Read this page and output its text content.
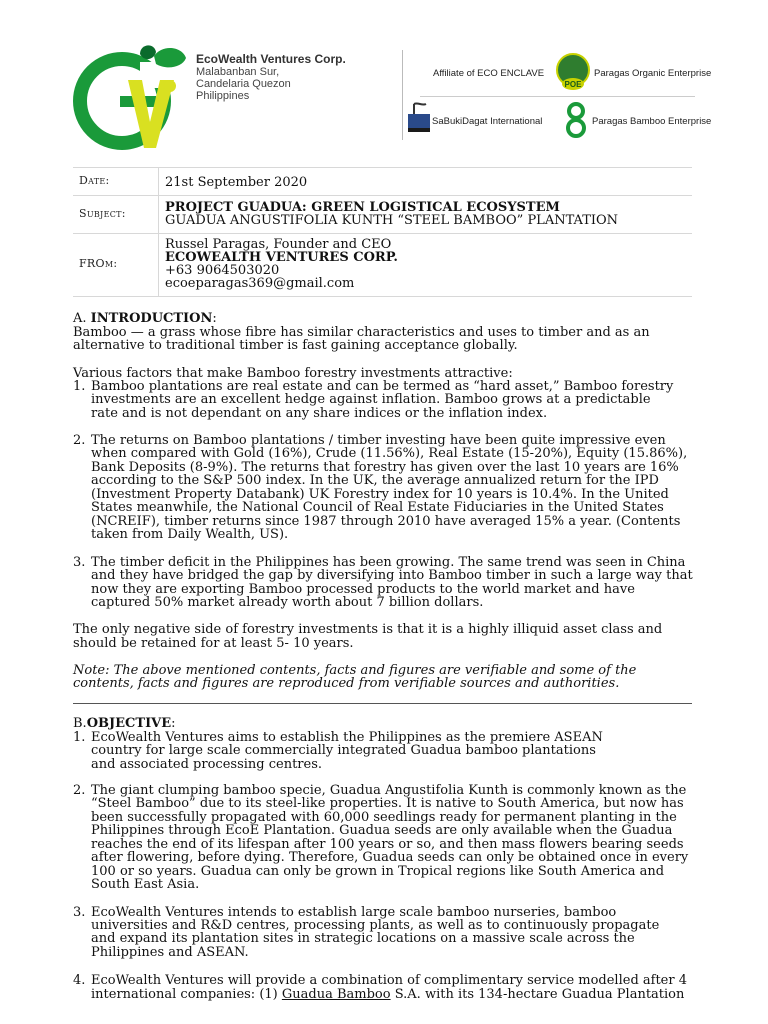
EcoWealth Ventures Corp.
Malabanban Sur,
Candelaria Quezon
Philippines
Affiliate of ECO ENCLAVE
POE
Paragas Organic Enterprise
SaBukiDagat International	Paragas Bamboo Enterprise
Date:	21st September 2020
Subject:	PROJECT GUADUA: GREEN LOGISTICAL ECOSYSTEM
GUADUA ANGUSTIFOLIA KUNTH “STEEL BAMBOO” PLANTATION
FROm:
Russel Paragas, Founder and CEO
ECOWEALTH VENTURES CORP.
+63 9064503020
ecoeparagas369@gmail.com
A. INTRODUCTION:
Bamboo — a grass whose fibre has similar characteristics and uses to timber and as an
alternative to traditional timber is fast gaining acceptance globally.
Various factors that make Bamboo forestry investments attractive:
1. Bamboo plantations are real estate and can be termed as “hard asset,” Bamboo forestry
investments are an excellent hedge against inflation. Bamboo grows at a predictable
rate and is not dependant on any share indices or the inflation index.
2. The returns on Bamboo plantations / timber investing have been quite impressive even
when compared with Gold (16%), Crude (11.56%), Real Estate (15-20%), Equity (15.86%),
Bank Deposits (8-9%). The returns that forestry has given over the last 10 years are 16%
according to the S&P 500 index. In the UK, the average annualized return for the IPD
(Investment Property Databank) UK Forestry index for 10 years is 10.4%. In the United
States meanwhile, the National Council of Real Estate Fiduciaries in the United States
(NCREIF), timber returns since 1987 through 2010 have averaged 15% a year. (Contents
taken from Daily Wealth, US).
3. The timber deficit in the Philippines has been growing. The same trend was seen in China
and they have bridged the gap by diversifying into Bamboo timber in such a large way that
now they are exporting Bamboo processed products to the world market and have
captured 50% market already worth about 7 billion dollars.
The only negative side of forestry investments is that it is a highly illiquid asset class and
should be retained for at least 5- 10 years.
Note: The above mentioned contents, facts and figures are verifiable and some of the
contents, facts and figures are reproduced from verifiable sources and authorities.
B.OBJECTIVE:
1. EcoWealth Ventures aims to establish the Philippines as the premiere ASEAN
country for large scale commercially integrated Guadua bamboo plantations
and associated processing centres.
2. The giant clumping bamboo specie, Guadua Angustifolia Kunth is commonly known as the
“Steel Bamboo” due to its steel-like properties. It is native to South America, but now has
been successfully propagated with 60,000 seedlings ready for permanent planting in the
Philippines through EcoE Plantation. Guadua seeds are only available when the Guadua
reaches the end of its lifespan after 100 years or so, and then mass flowers bearing seeds
after flowering, before dying. Therefore, Guadua seeds can only be obtained once in every
100 or so years. Guadua can only be grown in Tropical regions like South America and
South East Asia.
3. EcoWealth Ventures intends to establish large scale bamboo nurseries, bamboo
universities and R&D centres, processing plants, as well as to continuously propagate
and expand its plantation sites in strategic locations on a massive scale across the
Philippines and ASEAN.
4. EcoWealth Ventures will provide a combination of complimentary service modelled after 4
international companies: (1) Guadua Bamboo S.A. with its 134-hectare Guadua Plantation
